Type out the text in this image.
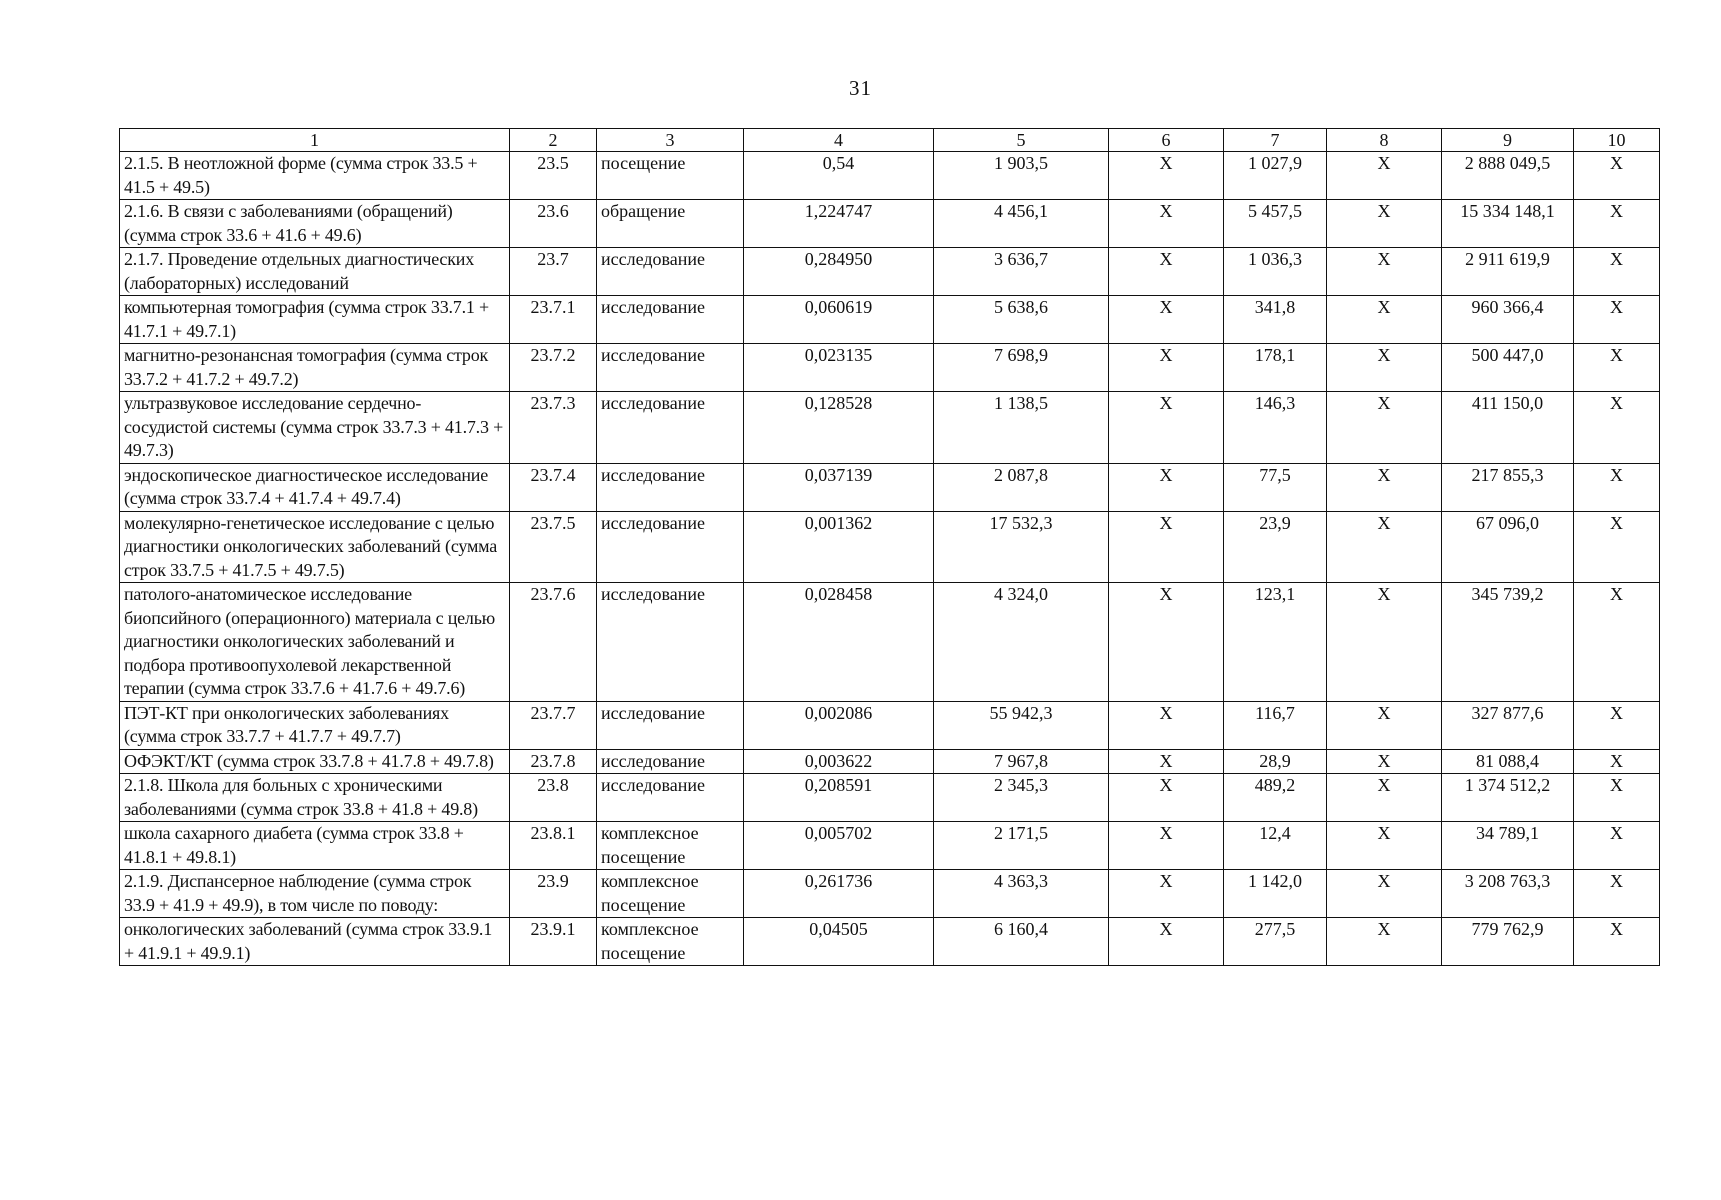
31
1	2	3	4	5	6	7	8	9	10
2.1.5. В неотложной форме (сумма строк 33.5 + 41.5 + 49.5)	23.5	посещение	0,54	1 903,5	X	1 027,9	X	2 888 049,5	X
2.1.6. В связи с заболеваниями (обращений) (сумма строк 33.6 + 41.6 + 49.6)	23.6	обращение	1,224747	4 456,1	X	5 457,5	X	15 334 148,1	X
2.1.7. Проведение отдельных диагностических (лабораторных) исследований	23.7	исследование	0,284950	3 636,7	X	1 036,3	X	2 911 619,9	X
компьютерная томография (сумма строк 33.7.1 + 41.7.1 + 49.7.1)	23.7.1	исследование	0,060619	5 638,6	X	341,8	X	960 366,4	X
магнитно-резонансная томография (сумма строк 33.7.2 + 41.7.2 + 49.7.2)	23.7.2	исследование	0,023135	7 698,9	X	178,1	X	500 447,0	X
ультразвуковое исследование сердечно-сосудистой системы (сумма строк 33.7.3 + 41.7.3 + 49.7.3)	23.7.3	исследование	0,128528	1 138,5	X	146,3	X	411 150,0	X
эндоскопическое диагностическое исследование (сумма строк 33.7.4 + 41.7.4 + 49.7.4)	23.7.4	исследование	0,037139	2 087,8	X	77,5	X	217 855,3	X
молекулярно-генетическое исследование с целью диагностики онкологических заболеваний (сумма строк 33.7.5 + 41.7.5 + 49.7.5)	23.7.5	исследование	0,001362	17 532,3	X	23,9	X	67 096,0	X
патолого-анатомическое исследование биопсийного (операционного) материала с целью диагностики онкологических заболеваний и подбора противоопухолевой лекарственной терапии (сумма строк 33.7.6 + 41.7.6 + 49.7.6)	23.7.6	исследование	0,028458	4 324,0	X	123,1	X	345 739,2	X
ПЭТ-КТ при онкологических заболеваниях (сумма строк 33.7.7 + 41.7.7 + 49.7.7)	23.7.7	исследование	0,002086	55 942,3	X	116,7	X	327 877,6	X
ОФЭКТ/КТ (сумма строк 33.7.8 + 41.7.8 + 49.7.8)	23.7.8	исследование	0,003622	7 967,8	X	28,9	X	81 088,4	X
2.1.8. Школа для больных с хроническими заболеваниями (сумма строк 33.8 + 41.8 + 49.8)	23.8	исследование	0,208591	2 345,3	X	489,2	X	1 374 512,2	X
школа сахарного диабета (сумма строк 33.8 + 41.8.1 + 49.8.1)	23.8.1	комплексное посещение	0,005702	2 171,5	X	12,4	X	34 789,1	X
2.1.9. Диспансерное наблюдение (сумма строк 33.9 + 41.9 + 49.9), в том числе по поводу:	23.9	комплексное посещение	0,261736	4 363,3	X	1 142,0	X	3 208 763,3	X
онкологических заболеваний (сумма строк 33.9.1 + 41.9.1 + 49.9.1)	23.9.1	комплексное посещение	0,04505	6 160,4	X	277,5	X	779 762,9	X
